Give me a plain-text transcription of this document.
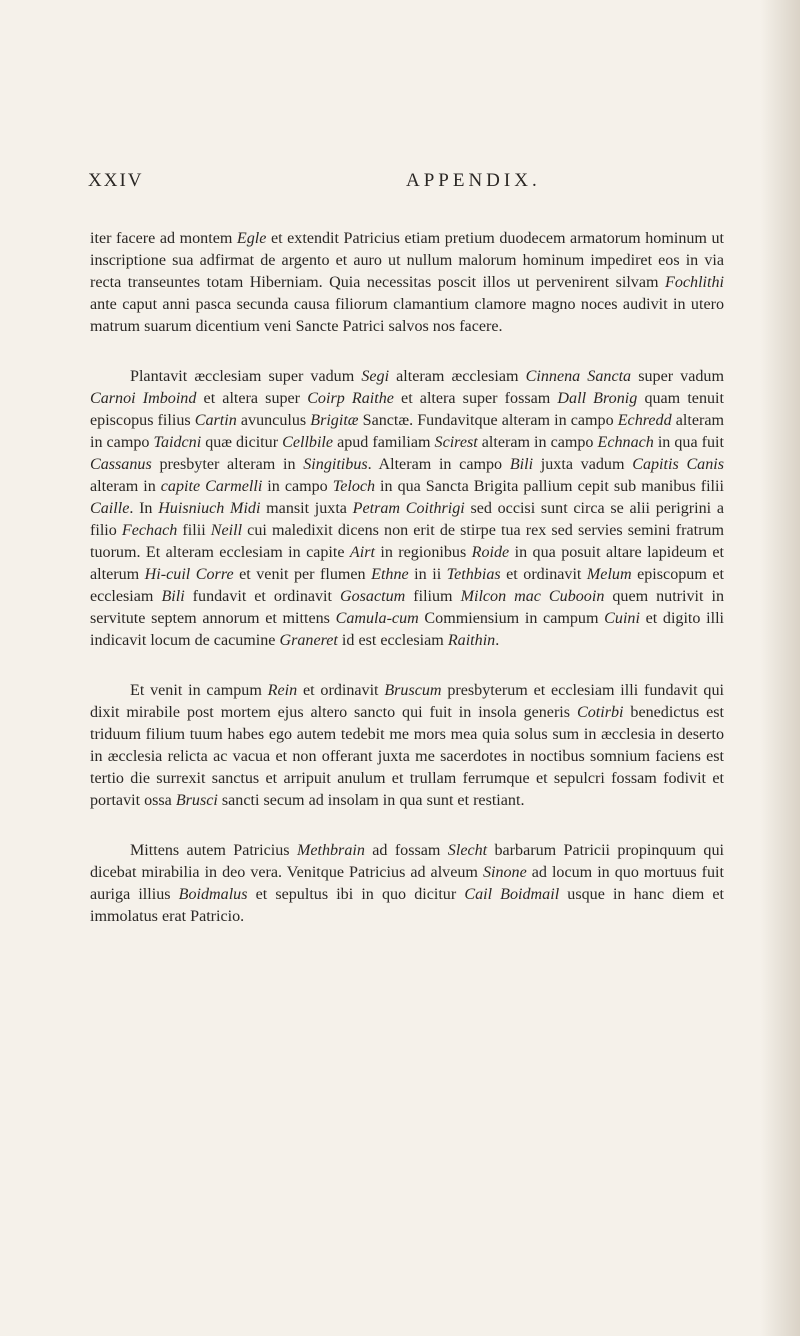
XXIV	APPENDIX.

iter facere ad montem Egle et extendit Patricius etiam pretium duodecem armatorum hominum ut inscriptione sua adfirmat de argento et auro ut nullum malorum hominum impediret eos in via recta transeuntes totam Hiberniam. Quia necessitas poscit illos ut pervenirent silvam Fochlithi ante caput anni pasca secunda causa filiorum clamantium clamore magno noces audivit in utero matrum suarum dicentium veni Sancte Patrici salvos nos facere.

Plantavit æcclesiam super vadum Segi alteram æcclesiam Cinnena Sancta super vadum Carnoi Imboind et altera super Coirp Raithe et altera super fossam Dall Bronig quam tenuit episcopus filius Cartin avunculus Brigitæ Sanctæ. Fundavitque alteram in campo Echredd alteram in campo Taidcni quæ dicitur Cellbile apud familiam Scirest alteram in campo Echnach in qua fuit Cassanus presbyter alteram in Singitibus. Alteram in campo Bili juxta vadum Capitis Canis alteram in capite Carmelli in campo Teloch in qua Sancta Brigita pallium cepit sub manibus filii Caille. In Huisniuch Midi mansit juxta Petram Coithrigi sed occisi sunt circa se alii perigrini a filio Fechach filii Neill cui maledixit dicens non erit de stirpe tua rex sed servies semini fratrum tuorum. Et alteram ecclesiam in capite Airt in regionibus Roide in qua posuit altare lapideum et alterum Hi-cuil Corre et venit per flumen Ethne in ii Tethbias et ordinavit Melum episcopum et ecclesiam Bili fundavit et ordinavit Gosactum filium Milcon mac Cubooin quem nutrivit in servitute septem annorum et mittens Camula-cum Commiensium in campum Cuini et digito illi indicavit locum de cacumine Graneret id est ecclesiam Raithin.

Et venit in campum Rein et ordinavit Bruscum presbyterum et ecclesiam illi fundavit qui dixit mirabile post mortem ejus altero sancto qui fuit in insola generis Cotirbi benedictus est triduum filium tuum habes ego autem tedebit me mors mea quia solus sum in æcclesia in deserto in æcclesia relicta ac vacua et non offerant juxta me sacerdotes in noctibus somnium faciens est tertio die surrexit sanctus et arripuit anulum et trullam ferrumque et sepulcri fossam fodivit et portavit ossa Brusci sancti secum ad insolam in qua sunt et restiant.

Mittens autem Patricius Methbrain ad fossam Slecht barbarum Patricii propinquum qui dicebat mirabilia in deo vera. Venitque Patricius ad alveum Sinone ad locum in quo mortuus fuit auriga illius Boidmalus et sepultus ibi in quo dicitur Cail Boidmail usque in hanc diem et immolatus erat Patricio.
